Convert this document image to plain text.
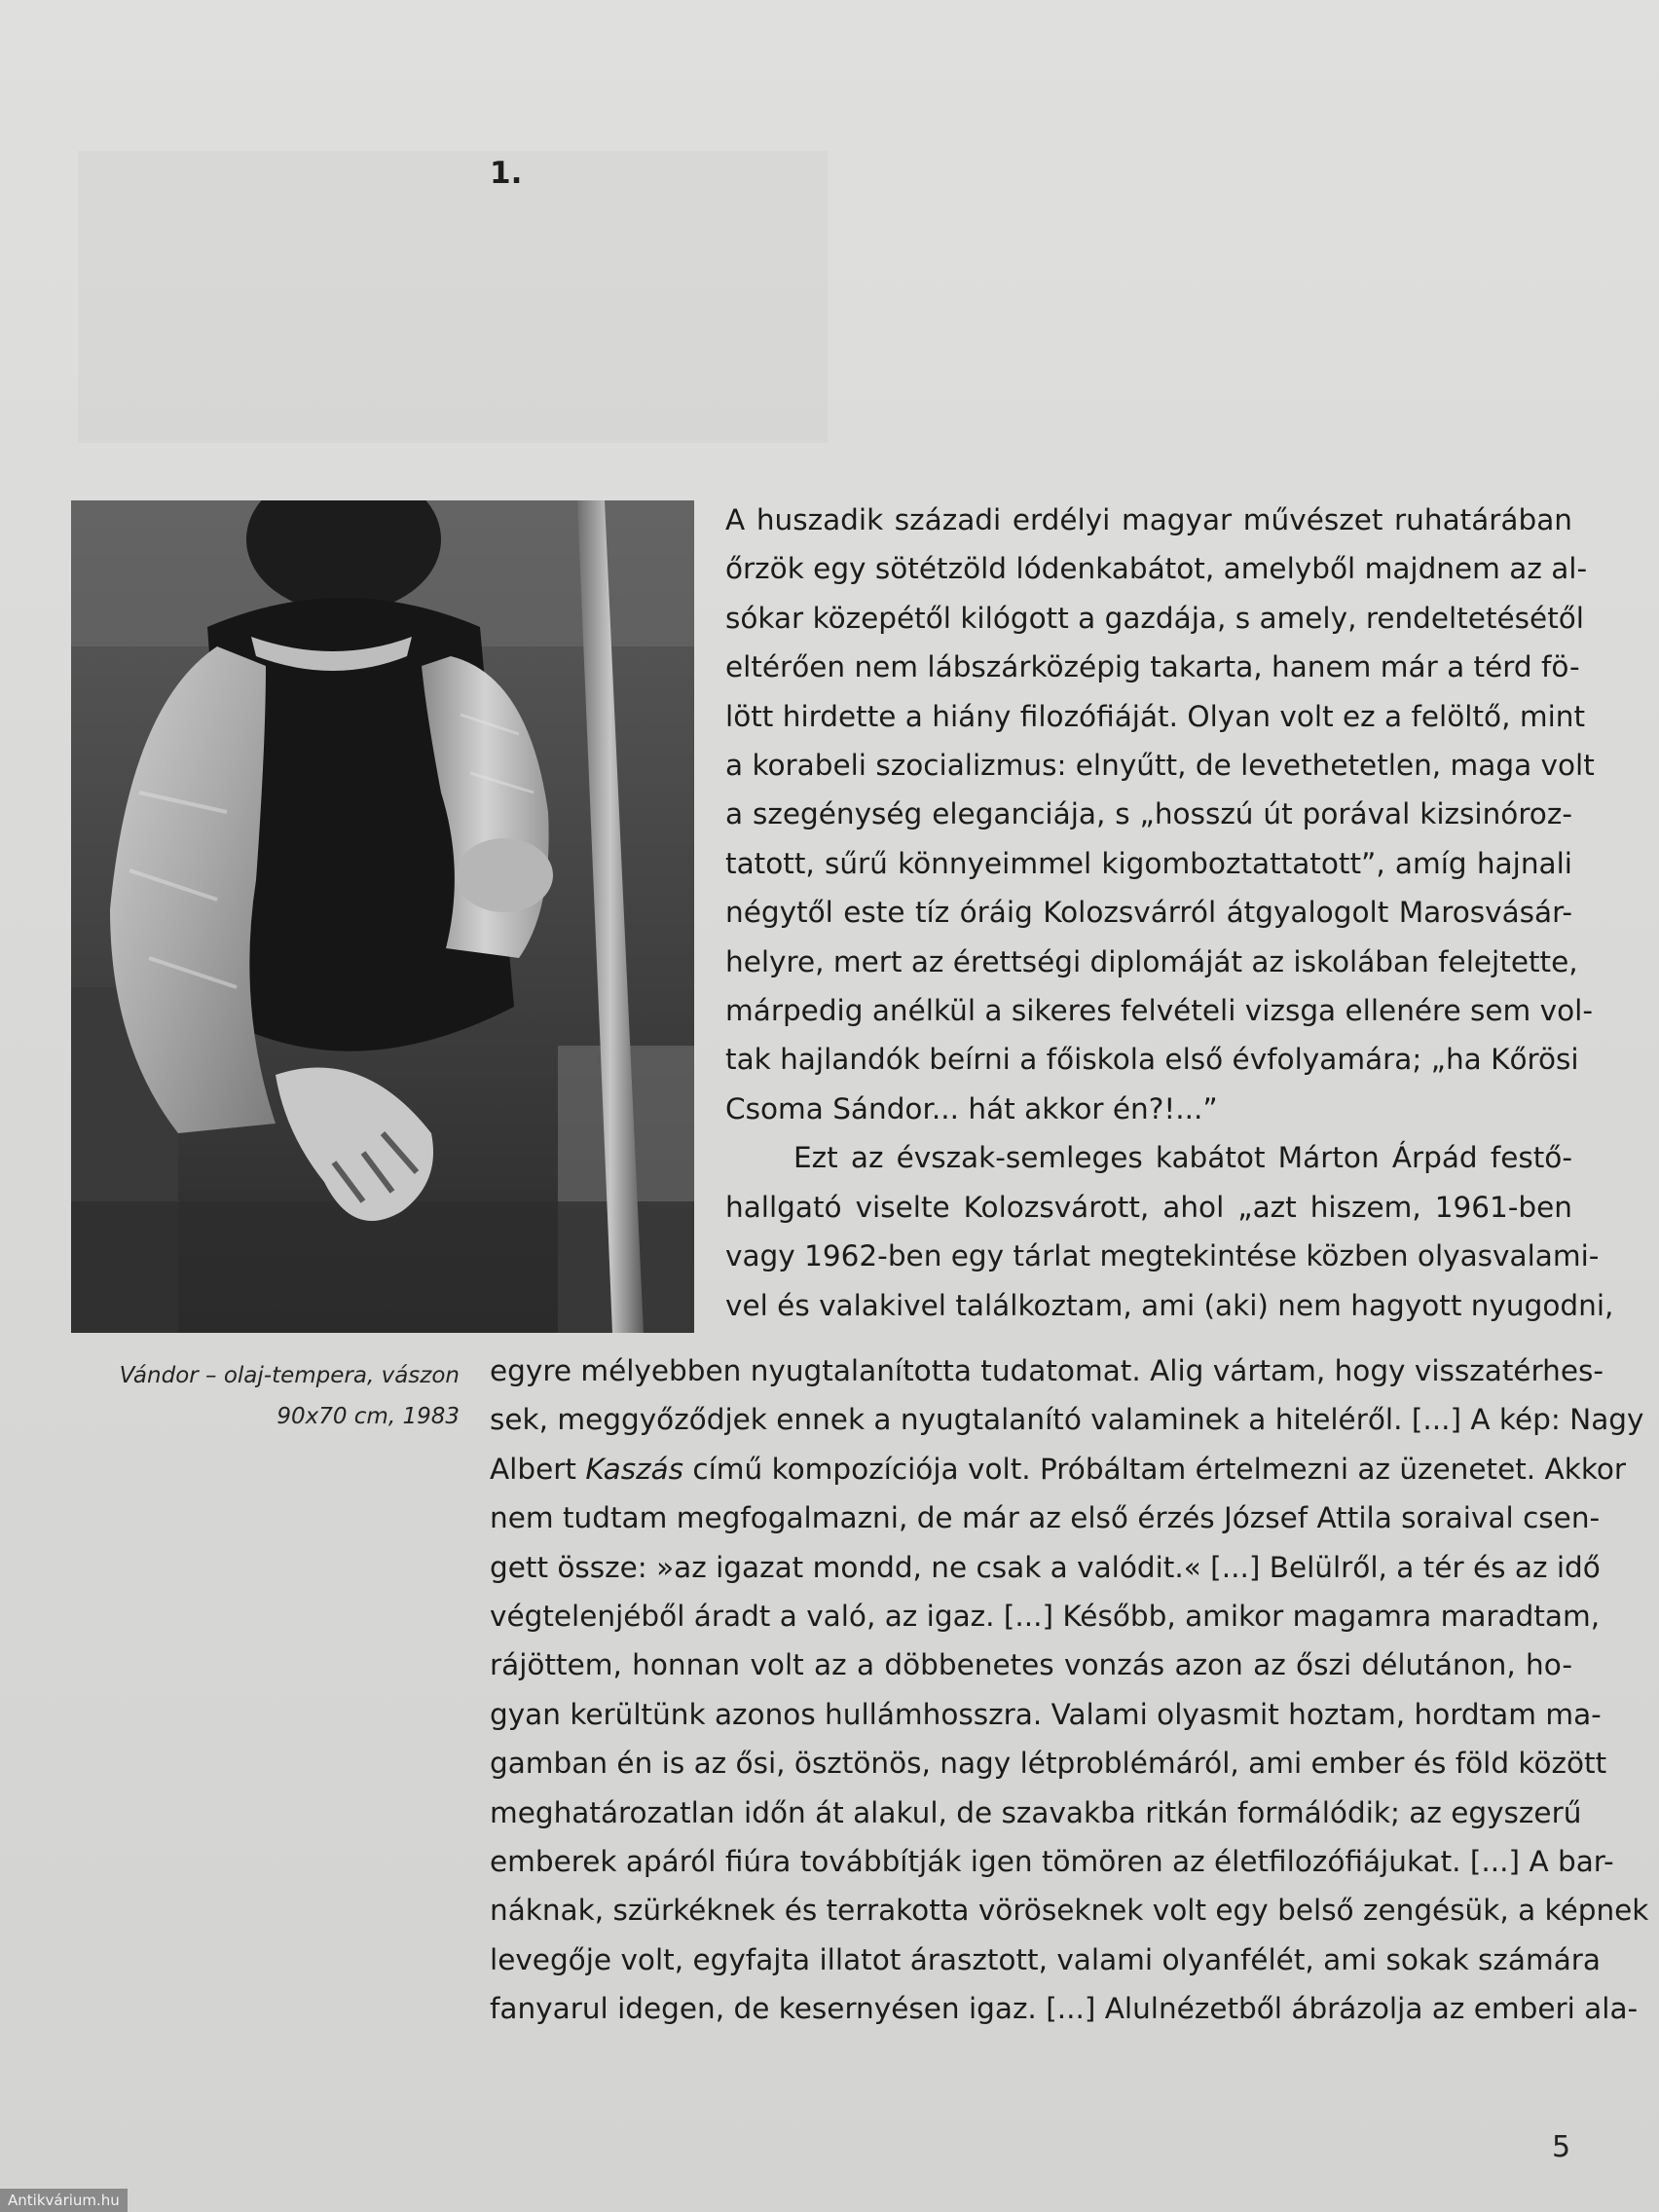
1.
Vándor – olaj-tempera, vászon
90x70 cm, 1983
A huszadik századi erdélyi magyar művészet ruhatárában
őrzök egy sötétzöld lódenkabátot, amelyből majdnem az al-
sókar közepétől kilógott a gazdája, s amely, rendeltetésétől
eltérően nem lábszárközépig takarta, hanem már a térd fö-
lött hirdette a hiány filozófiáját. Olyan volt ez a felöltő, mint
a korabeli szocializmus: elnyűtt, de levethetetlen, maga volt
a szegénység eleganciája, s „hosszú út porával kizsinóroz-
tatott, sűrű könnyeimmel kigomboztattatott”, amíg hajnali
négytől este tíz óráig Kolozsvárról átgyalogolt Marosvásár-
helyre, mert az érettségi diplomáját az iskolában felejtette,
márpedig anélkül a sikeres felvételi vizsga ellenére sem vol-
tak hajlandók beírni a főiskola első évfolyamára; „ha Kőrösi
Csoma Sándor... hát akkor én?!...”
Ezt az évszak-semleges kabátot Márton Árpád festő-
hallgató viselte Kolozsvárott, ahol „azt hiszem, 1961-ben
vagy 1962-ben egy tárlat megtekintése közben olyasvalami-
vel és valakivel találkoztam, ami (aki) nem hagyott nyugodni,
egyre mélyebben nyugtalanította tudatomat. Alig vártam, hogy visszatérhes-
sek, meggyőződjek ennek a nyugtalanító valaminek a hiteléről. [...] A kép: Nagy
Albert Kaszás című kompozíciója volt. Próbáltam értelmezni az üzenetet. Akkor
nem tudtam megfogalmazni, de már az első érzés József Attila soraival csen-
gett össze: »az igazat mondd, ne csak a valódit.« [...] Belülről, a tér és az idő
végtelenjéből áradt a való, az igaz. [...] Később, amikor magamra maradtam,
rájöttem, honnan volt az a döbbenetes vonzás azon az őszi délutánon, ho-
gyan kerültünk azonos hullámhosszra. Valami olyasmit hoztam, hordtam ma-
gamban én is az ősi, ösztönös, nagy létproblémáról, ami ember és föld között
meghatározatlan időn át alakul, de szavakba ritkán formálódik; az egyszerű
emberek apáról fiúra továbbítják igen tömören az életfilozófiájukat. [...] A bar-
náknak, szürkéknek és terrakotta vöröseknek volt egy belső zengésük, a képnek
levegője volt, egyfajta illatot árasztott, valami olyanfélét, ami sokak számára
fanyarul idegen, de kesernyésen igaz. [...] Alulnézetből ábrázolja az emberi ala-
5
Antikvárium.hu
